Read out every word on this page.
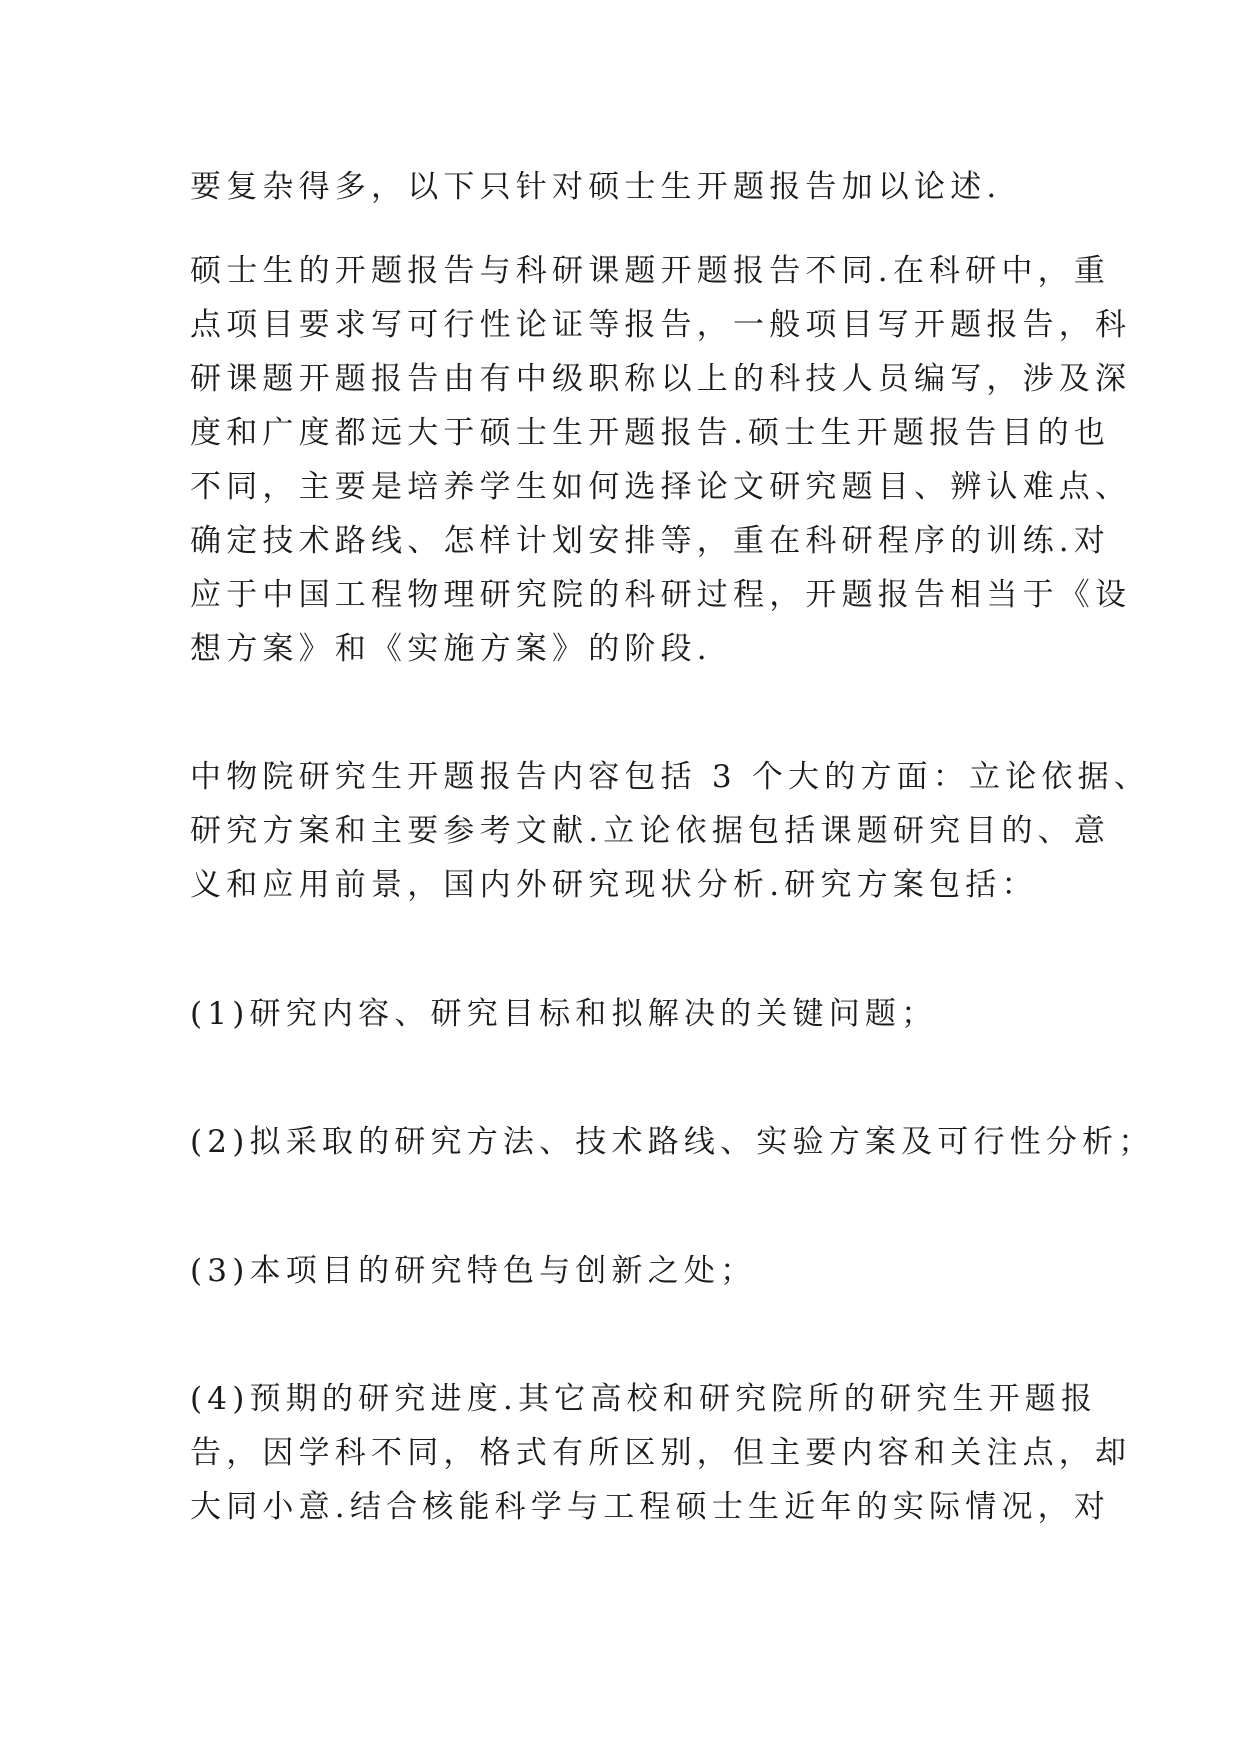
要复杂得多，以下只针对硕士生开题报告加以论述.
硕士生的开题报告与科研课题开题报告不同.在科研中，重
点项目要求写可行性论证等报告，一般项目写开题报告，科
研课题开题报告由有中级职称以上的科技人员编写，涉及深
度和广度都远大于硕士生开题报告.硕士生开题报告目的也
不同，主要是培养学生如何选择论文研究题目、辨认难点、
确定技术路线、怎样计划安排等，重在科研程序的训练.对
应于中国工程物理研究院的科研过程，开题报告相当于《设
想方案》和《实施方案》的阶段.
中物院研究生开题报告内容包括 3 个大的方面：立论依据、
研究方案和主要参考文献.立论依据包括课题研究目的、意
义和应用前景，国内外研究现状分析.研究方案包括：
(1)研究内容、研究目标和拟解决的关键问题；
(2)拟采取的研究方法、技术路线、实验方案及可行性分析；
(3)本项目的研究特色与创新之处；
(4)预期的研究进度.其它高校和研究院所的研究生开题报
告，因学科不同，格式有所区别，但主要内容和关注点，却
大同小意.结合核能科学与工程硕士生近年的实际情况，对
